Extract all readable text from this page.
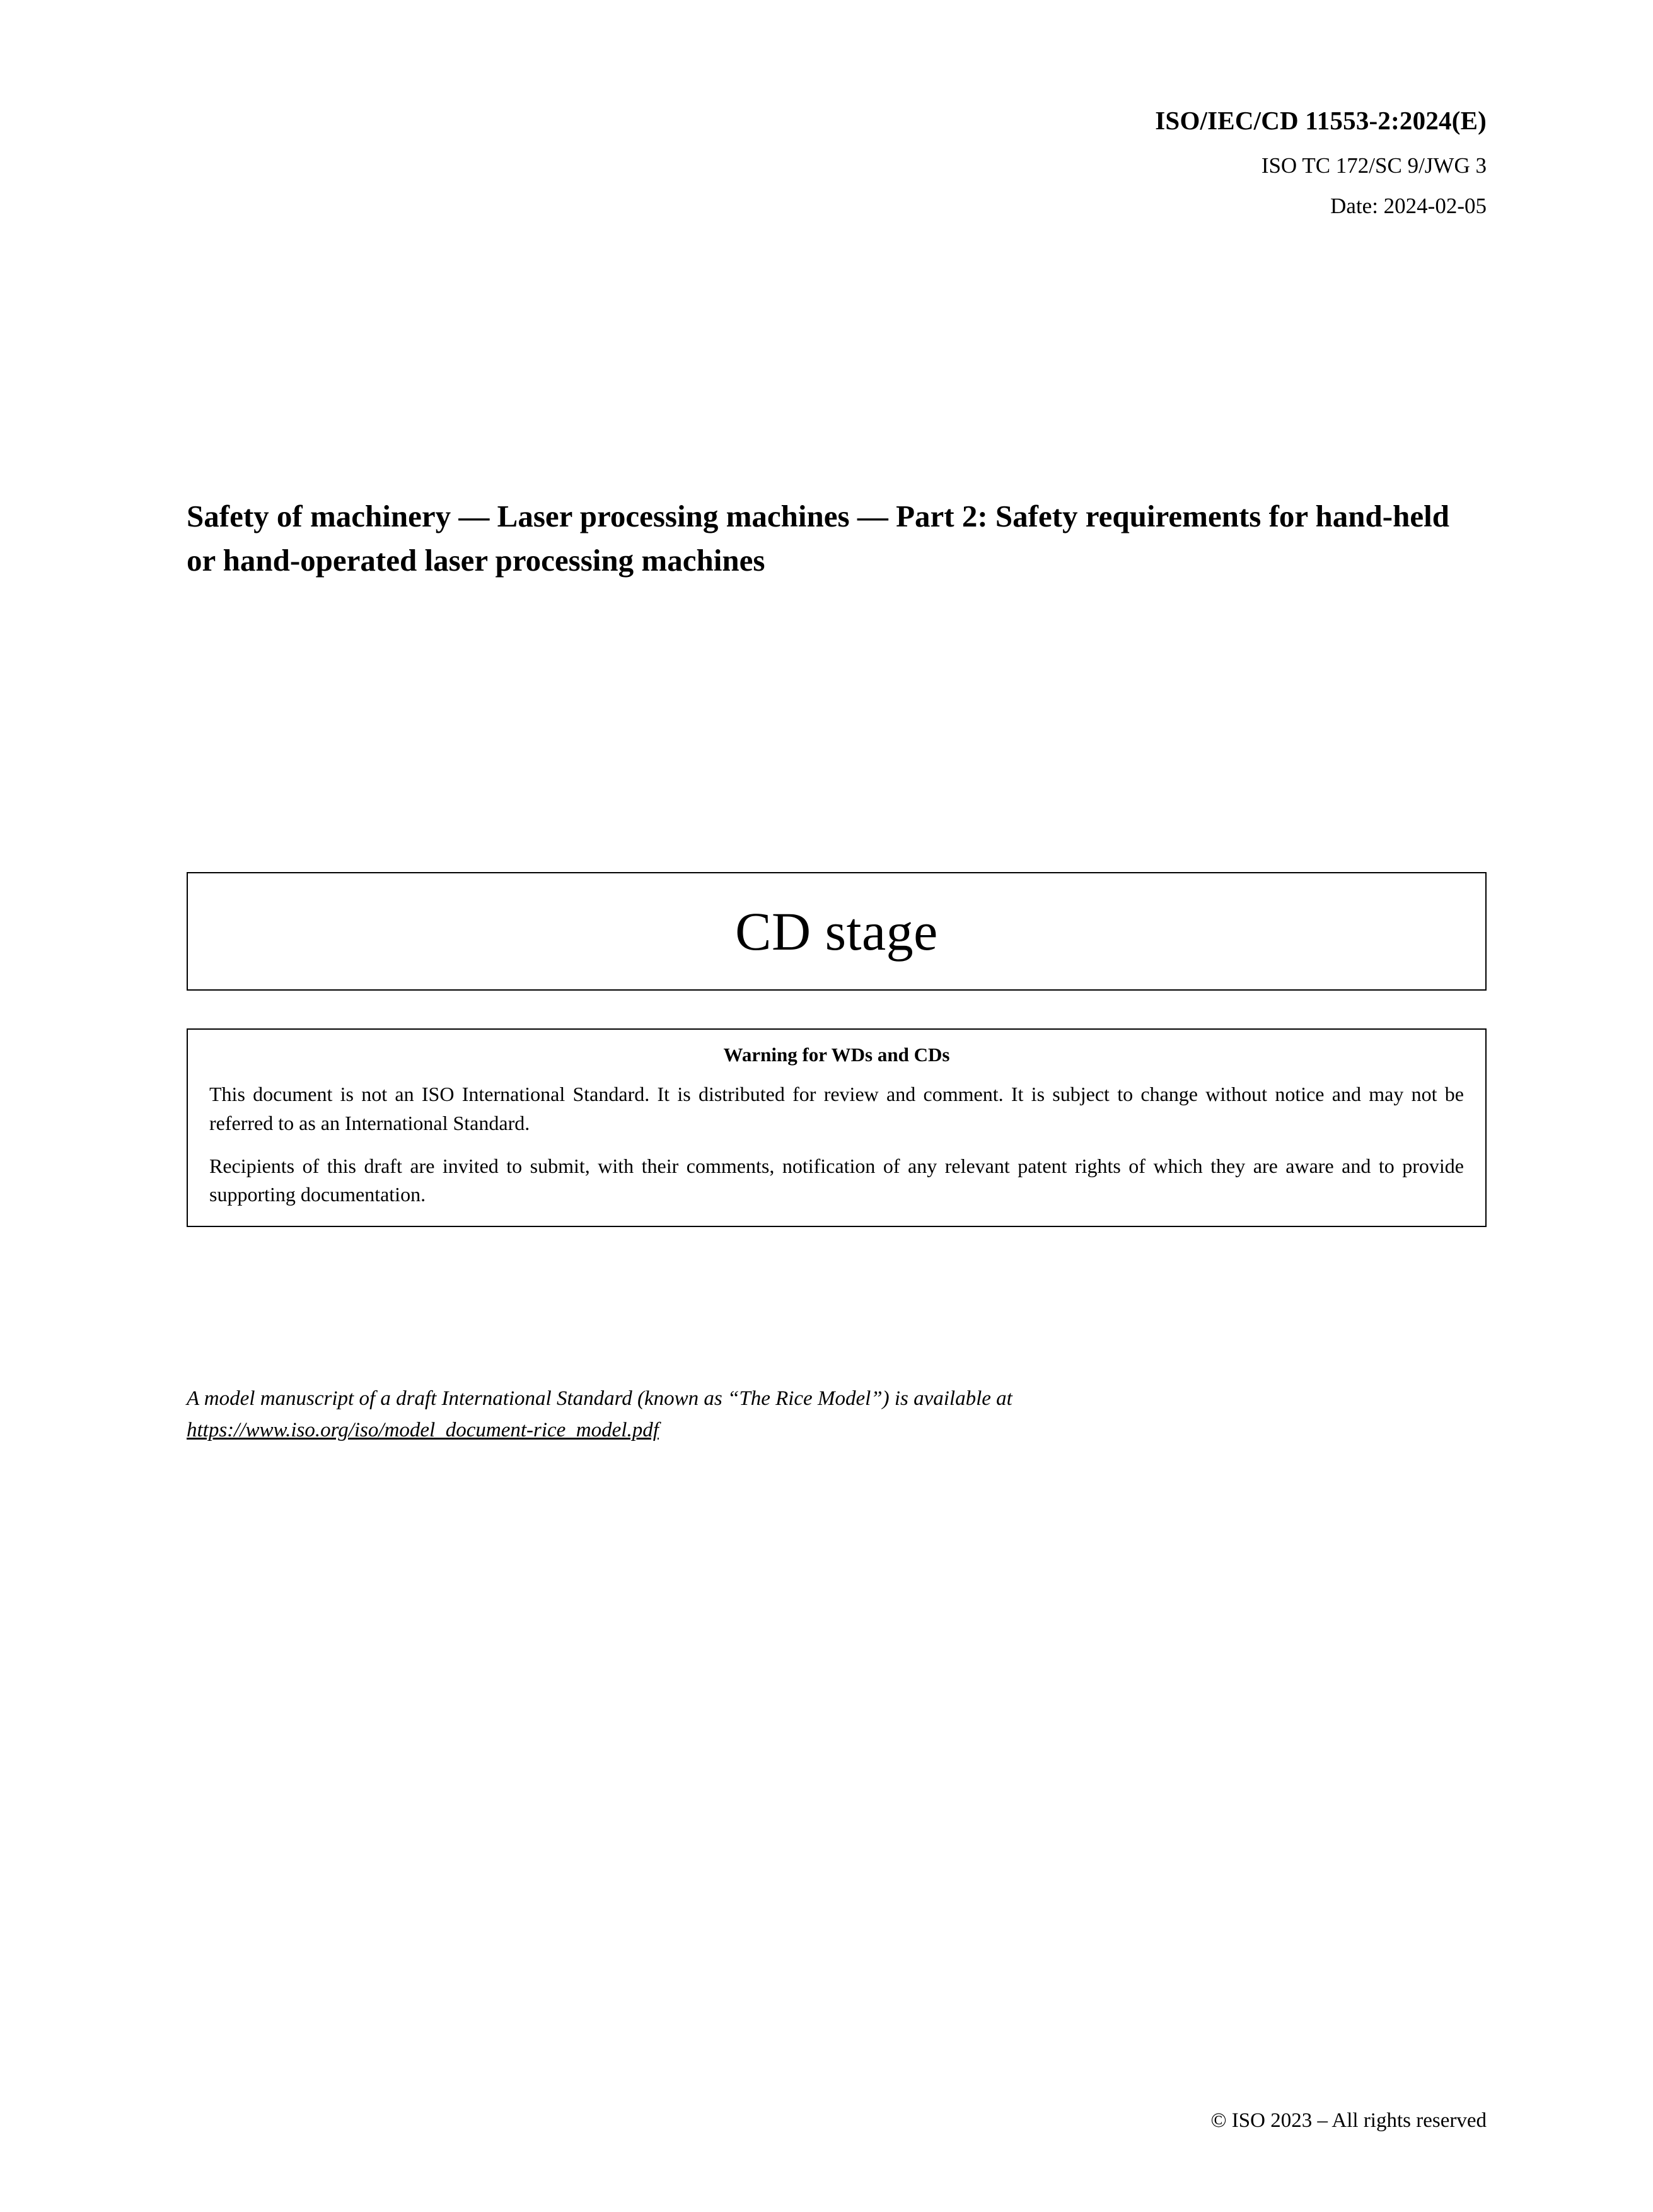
ISO/IEC/CD 11553-2:2024(E)
ISO TC 172/SC 9/JWG 3
Date: 2024-02-05
Safety of machinery — Laser processing machines — Part 2: Safety requirements for hand-held or hand-operated laser processing machines
CD stage
Warning for WDs and CDs

This document is not an ISO International Standard. It is distributed for review and comment. It is subject to change without notice and may not be referred to as an International Standard.

Recipients of this draft are invited to submit, with their comments, notification of any relevant patent rights of which they are aware and to provide supporting documentation.

A model manuscript of a draft International Standard (known as “The Rice Model”) is available at
https://www.iso.org/iso/model_document-rice_model.pdf
© ISO 2023 – All rights reserved
